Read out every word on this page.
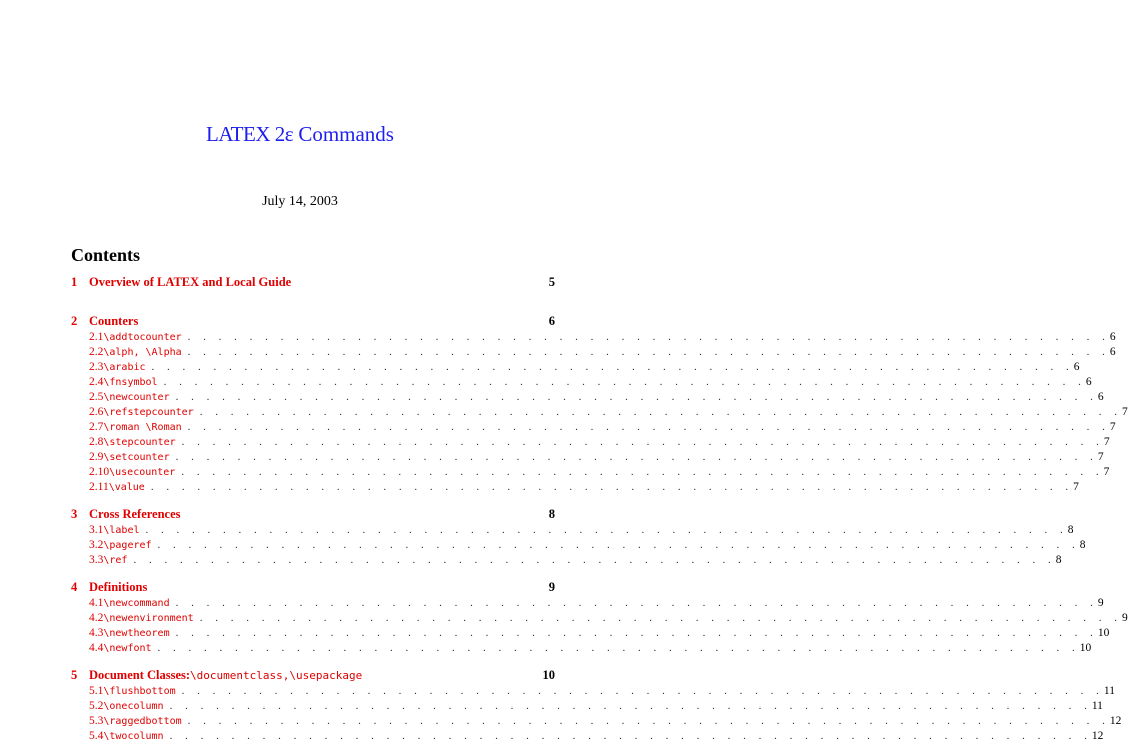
LATEX 2ε Commands
July 14, 2003
Contents
1 Overview of LATEX and Local Guide	5
2 Counters	6
2.1 \addtocounter . . . . . . . . . . . . . . . . . . . . . . . . . . . . . . . . . . . . . . . . . . . . . . . . . . . . . . . . . . . . 6
2.2 \alph, \Alpha . . . . . . . . . . . . . . . . . . . . . . . . . . . . . . . . . . . . . . . . . . . . . . . . . . . . . . . . . . . . 6
2.3 \arabic . . . . . . . . . . . . . . . . . . . . . . . . . . . . . . . . . . . . . . . . . . . . . . . . . . . . . . . . . . . . 6
2.4 \fnsymbol . . . . . . . . . . . . . . . . . . . . . . . . . . . . . . . . . . . . . . . . . . . . . . . . . . . . . . . . . . . . 6
2.5 \newcounter . . . . . . . . . . . . . . . . . . . . . . . . . . . . . . . . . . . . . . . . . . . . . . . . . . . . . . . . . . . . 6
2.6 \refstepcounter . . . . . . . . . . . . . . . . . . . . . . . . . . . . . . . . . . . . . . . . . . . . . . . . . . . . . . . . . . . . 7
2.7 \roman \Roman . . . . . . . . . . . . . . . . . . . . . . . . . . . . . . . . . . . . . . . . . . . . . . . . . . . . . . . . . . . . 7
2.8 \stepcounter . . . . . . . . . . . . . . . . . . . . . . . . . . . . . . . . . . . . . . . . . . . . . . . . . . . . . . . . . . . . 7
2.9 \setcounter . . . . . . . . . . . . . . . . . . . . . . . . . . . . . . . . . . . . . . . . . . . . . . . . . . . . . . . . . . . . 7
2.10 \usecounter . . . . . . . . . . . . . . . . . . . . . . . . . . . . . . . . . . . . . . . . . . . . . . . . . . . . . . . . . . . . 7
2.11 \value . . . . . . . . . . . . . . . . . . . . . . . . . . . . . . . . . . . . . . . . . . . . . . . . . . . . . . . . . . . . 7
3 Cross References	8
3.1 \label . . . . . . . . . . . . . . . . . . . . . . . . . . . . . . . . . . . . . . . . . . . . . . . . . . . . . . . . . . . . 8
3.2 \pageref . . . . . . . . . . . . . . . . . . . . . . . . . . . . . . . . . . . . . . . . . . . . . . . . . . . . . . . . . . . . 8
3.3 \ref . . . . . . . . . . . . . . . . . . . . . . . . . . . . . . . . . . . . . . . . . . . . . . . . . . . . . . . . . . . . 8
4 Definitions	9
4.1 \newcommand . . . . . . . . . . . . . . . . . . . . . . . . . . . . . . . . . . . . . . . . . . . . . . . . . . . . . . . . . . . . 9
4.2 \newenvironment . . . . . . . . . . . . . . . . . . . . . . . . . . . . . . . . . . . . . . . . . . . . . . . . . . . . . . . . . . . . 9
4.3 \newtheorem . . . . . . . . . . . . . . . . . . . . . . . . . . . . . . . . . . . . . . . . . . . . . . . . . . . . . . . . . . . . 10
4.4 \newfont . . . . . . . . . . . . . . . . . . . . . . . . . . . . . . . . . . . . . . . . . . . . . . . . . . . . . . . . . . . . 10
5 Document Classes:\documentclass,\usepackage	10
5.1 \flushbottom . . . . . . . . . . . . . . . . . . . . . . . . . . . . . . . . . . . . . . . . . . . . . . . . . . . . . . . . . . . . 11
5.2 \onecolumn . . . . . . . . . . . . . . . . . . . . . . . . . . . . . . . . . . . . . . . . . . . . . . . . . . . . . . . . . . . . 11
5.3 \raggedbottom . . . . . . . . . . . . . . . . . . . . . . . . . . . . . . . . . . . . . . . . . . . . . . . . . . . . . . . . . . . . 12
5.4 \twocolumn . . . . . . . . . . . . . . . . . . . . . . . . . . . . . . . . . . . . . . . . . . . . . . . . . . . . . . . . . . . . 12
